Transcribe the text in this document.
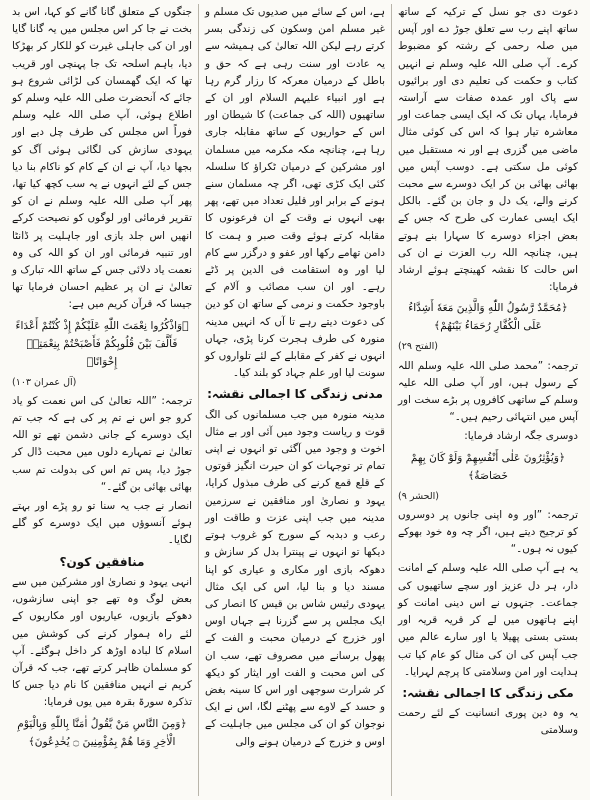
دعوت دی جو نسل کے ترکیہ کے ساتھ ساتھ اپنے رب سے تعلق جوڑ دے اور آپس میں صلہ رحمی کے رشتہ کو مضبوط کرے۔ آپ صلی اللہ علیہ وسلم نے انہیں کتاب و حکمت کی تعلیم دی اور برائیوں سے پاک اور عمدہ صفات سے آراستہ فرمایا، یہاں تک کہ ایک ایسی جماعت اور معاشرہ تیار ہوا کہ اس کی کوئی مثال ماضی میں گزری ہے اور نہ مستقبل میں کوئی مل سکتی ہے۔ دوسب آپس میں بھائی بھائی بن کر ایک دوسرے سے محبت کرنے والے، یک دل و جان بن گئے۔ بالکل ایک ایسی عمارت کی طرح کہ جس کے بعض اجزاء دوسرے کا سہارا بنے ہوتے ہیں، چنانچہ اللہ رب العزت نے ان کی اس حالت کا نقشہ کھینچتے ہوئے ارشاد فرمایا:

﴿مُحَمَّدٌ رَّسُولُ اللّٰهِ وَالَّذِينَ مَعَهٗ أَشِدَّاءُ عَلَى الْكُفَّارِ رُحَمَاءُ بَيْنَهُمْ﴾
(الفتح ۲۹)

ترجمہ: ”محمد صلی اللہ علیہ وسلم اللہ کے رسول ہیں، اور آپ صلی اللہ علیہ وسلم کے ساتھی کافروں پر بڑے سخت اور آپس میں انتہائی رحیم ہیں۔“

دوسری جگہ ارشاد فرمایا:

﴿وَيُؤْثِرُونَ عَلٰى أَنْفُسِهِمْ وَلَوْ كَانَ بِهِمْ خَصَاصَةٌ﴾
(الحشر ۹)

ترجمہ: ”اور وہ اپنی جانوں پر دوسروں کو ترجیح دیتے ہیں، اگر چہ وہ خود بھوکے کیوں نہ ہوں۔“

یہ ہے آپ صلی اللہ علیہ وسلم کے امانت دار، ہر دل عزیز اور سچے ساتھیوں کی جماعت۔ جنہوں نے اس دینی امانت کو اپنے ہاتھوں میں لے کر قریہ قریہ اور بستی بستی پھیلا یا اور سارے عالم میں جب آپس کی ان کی مثال کو عام کیا تب ہدایت اور امن وسلامتی کا پرچم لہرایا۔

مکی زندگی کا اجمالی نقشہ:

یہ وہ دین پوری انسانیت کے لئے رحمت وسلامتی

ہے، اس کے سائے میں صدیوں تک مسلم و غیر مسلم امن وسکون کی زندگی بسر کرتے رہے لیکن اللہ تعالیٰ کی ہمیشہ سے یہ عادت اور سنت رہی ہے کہ حق و باطل کے درمیان معرکہ کا رزار گرم رہا ہے اور انبیاء علیہم السلام اور ان کے ساتھیوں (اللہ کی جماعت) کا شیطان اور اس کے حواریوں کے ساتھ مقابلہ جاری رہا ہے، چنانچہ مکہ مکرمہ میں مسلمان اور مشرکین کے درمیان ٹکراؤ کا سلسلہ کئی ایک کڑی تھی، اگر چہ مسلمان سنے ہونے کے برابر اور قلیل تعداد میں تھے، پھر بھی انہوں نے وقت کے ان فرعونوں کا مقابلہ کرتے ہوئے وقت صبر و ہمت کا دامن تھامے رکھا اور عفو و درگزر سے کام لیا اور وہ استقامت فی الدین پر ڈٹے رہے۔ اور ان سب مصائب و آلام کے باوجود حکمت و نرمی کے ساتھ ان کو دین کی دعوت دیتے رہے تا آں کہ انہیں مدینہ منورہ کی طرف ہجرت کرنا پڑی، جہاں انہوں نے کفر کے مقابلے کے لئے تلواروں کو سونت لیا اور علم جہاد کو بلند کیا۔

مدنی زندگی کا اجمالی نقشہ:

مدینہ منورہ میں جب مسلمانوں کی الگ قوت و ریاست وجود میں آئی اور بے مثال اخوت و وجود میں آگئی تو انہوں نے اپنی تمام تر توجہات کو ان حیرت انگیز قوتوں کے قلع قمع کرنے کی طرف مبذول کرایا، یہود و نصاریٰ اور منافقین نے سرزمین مدینہ میں جب اپنی عزت و طاقت اور رعب و دبدبہ کے سورج کو غروب ہوتے دیکھا تو انہوں نے پینترا بدل کر سازش و دھوکہ بازی اور مکاری و عیاری کو اپنا مسند دیا و بنا لیا، اس کی ایک مثال یہودی رئیس شاس بن قیس کا انصار کی ایک مجلس پر سے گزرنا ہے جہاں اوس اور خزرج کے درمیان محبت و الفت کے پھول برسانے میں مصروف تھے، سب ان کی اس محبت و الفت اور ایثار کو دیکھ کر شرارت سوجھی اور اس کا سینہ بغض و حسد کے لاوے سے پھٹنے لگا، اس نے ایک نوجوان کو ان کی مجلس میں جاہلیت کے اوس و خزرج کے درمیان ہونے والی

جنگوں کے متعلق گانا گانے کو کہا، اس بد بخت نے جا کر اس مجلس میں یہ گانا گایا اور ان کی جاہلی غیرت کو للکار کر بھڑکا دیا، باہم اسلحہ تک جا پہنچی اور قریب تھا کہ ایک گھمسان کی لڑائی شروع ہو جائے کہ آنحضرت صلی اللہ علیہ وسلم کو اطلاع ہوئی، آپ صلی اللہ علیہ وسلم فوراً اس مجلس کی طرف چل دیے اور یہودی سازش کی لگائی ہوئی آگ کو بجھا دیا، آپ نے ان کے کام کو ناکام بنا دیا جس کے لئے انہوں نے یہ سب کچھ کیا تھا، پھر آپ صلی اللہ علیہ وسلم نے ان کو تقریر فرمائی اور لوگوں کو نصیحت کرکے انھیں اس جلد بازی اور جاہلیت پر ڈانٹا اور تنبیہ فرمائی اور ان کو اللہ کی وہ نعمت یاد دلائی جس کے ساتھ اللہ تبارک و تعالیٰ نے ان پر عظیم احسان فرمایا تھا جیسا کہ قرآن کریم میں ہے:

﴿وَاذْكُرُوا نِعْمَتَ اللّٰهِ عَلَيْكُمْ إِذْ كُنْتُمْ أَعْدَاءً فَأَلَّفَ بَيْنَ قُلُوبِكُمْ فَأَصْبَحْتُمْ بِنِعْمَتِهٖ إِخْوَانًا﴾
(آل عمران ۱۰۳)

ترجمہ: ”اللہ تعالیٰ کی اس نعمت کو یاد کرو جو اس نے تم پر کی ہے کہ جب تم ایک دوسرے کے جانی دشمن تھے تو اللہ تعالیٰ نے تمہارے دلوں میں محبت ڈال کر جوڑ دیا، پس تم اس کی بدولت تم سب بھائی بھائی بن گئے۔“

انصار نے جب یہ سنا تو رو پڑے اور بہتے ہوئے آنسوؤں میں ایک دوسرے کو گلے لگایا۔

منافقین کون؟

انہی یہود و نصاریٰ اور مشرکین میں سے بعض لوگ وہ تھے جو اپنی سازشوں، دھوکے بازیوں، عیاریوں اور مکاریوں کے لئے راہ ہموار کرنے کی کوشش میں اسلام کا لبادہ اوڑھ کر داخل ہوگئے۔ آپ کو مسلمان ظاہر کرتے تھے، جب کہ قرآن کریم نے انہیں منافقین کا نام دیا جس کا تذکرہ سورۃ بقرہ میں یوں فرمایا:

﴿وَمِنَ النَّاسِ مَنْ يَّقُولُ اٰمَنَّا بِاللّٰهِ وَبِالْيَوْمِ الْاٰخِرِ وَمَا هُمْ بِمُؤْمِنِينَ ۝ يُخٰدِعُونَ﴾
